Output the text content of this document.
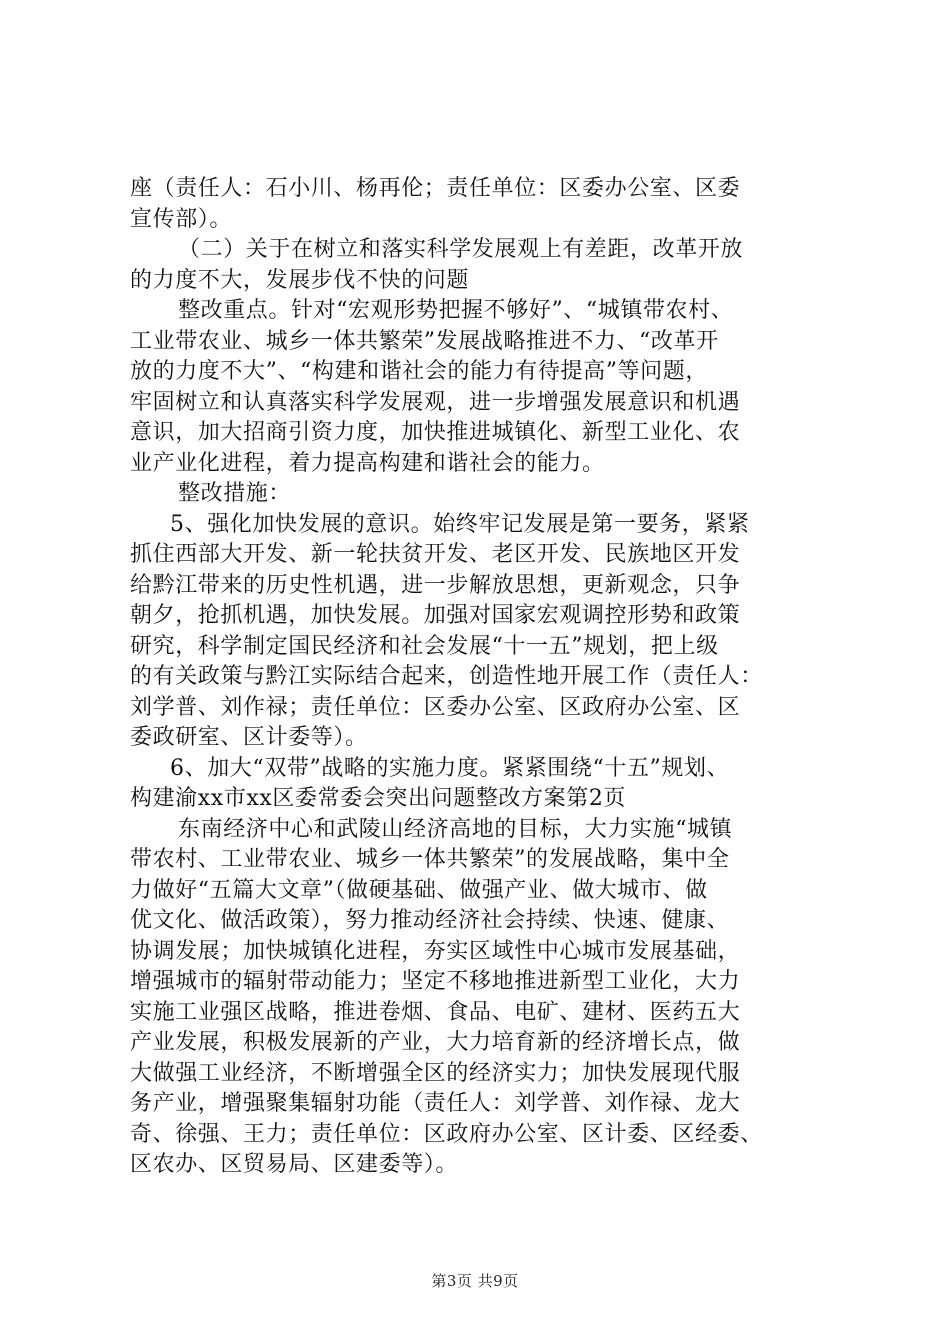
座（责任人：石小川、杨再伦；责任单位：区委办公室、区委
宣传部）。
（二）关于在树立和落实科学发展观上有差距，改革开放
的力度不大，发展步伐不快的问题
整改重点。针对“宏观形势把握不够好”、“城镇带农村、
工业带农业、城乡一体共繁荣”发展战略推进不力、“改革开
放的力度不大”、“构建和谐社会的能力有待提高”等问题，
牢固树立和认真落实科学发展观，进一步增强发展意识和机遇
意识，加大招商引资力度，加快推进城镇化、新型工业化、农
业产业化进程，着力提高构建和谐社会的能力。
整改措施：
5、强化加快发展的意识。始终牢记发展是第一要务，紧紧
抓住西部大开发、新一轮扶贫开发、老区开发、民族地区开发
给黔江带来的历史性机遇，进一步解放思想，更新观念，只争
朝夕，抢抓机遇，加快发展。加强对国家宏观调控形势和政策
研究，科学制定国民经济和社会发展“十一五”规划，把上级
的有关政策与黔江实际结合起来，创造性地开展工作（责任人：
刘学普、刘作禄；责任单位：区委办公室、区政府办公室、区
委政研室、区计委等）。
6、加大“双带”战略的实施力度。紧紧围绕“十五”规划、
构建渝xx市xx区委常委会突出问题整改方案第2页
东南经济中心和武陵山经济高地的目标，大力实施“城镇
带农村、工业带农业、城乡一体共繁荣”的发展战略，集中全
力做好“五篇大文章”（做硬基础、做强产业、做大城市、做
优文化、做活政策），努力推动经济社会持续、快速、健康、
协调发展；加快城镇化进程，夯实区域性中心城市发展基础，
增强城市的辐射带动能力；坚定不移地推进新型工业化，大力
实施工业强区战略，推进卷烟、食品、电矿、建材、医药五大
产业发展，积极发展新的产业，大力培育新的经济增长点，做
大做强工业经济，不断增强全区的经济实力；加快发展现代服
务产业，增强聚集辐射功能（责任人：刘学普、刘作禄、龙大
奇、徐强、王力；责任单位：区政府办公室、区计委、区经委、
区农办、区贸易局、区建委等）。
第3页 共9页
